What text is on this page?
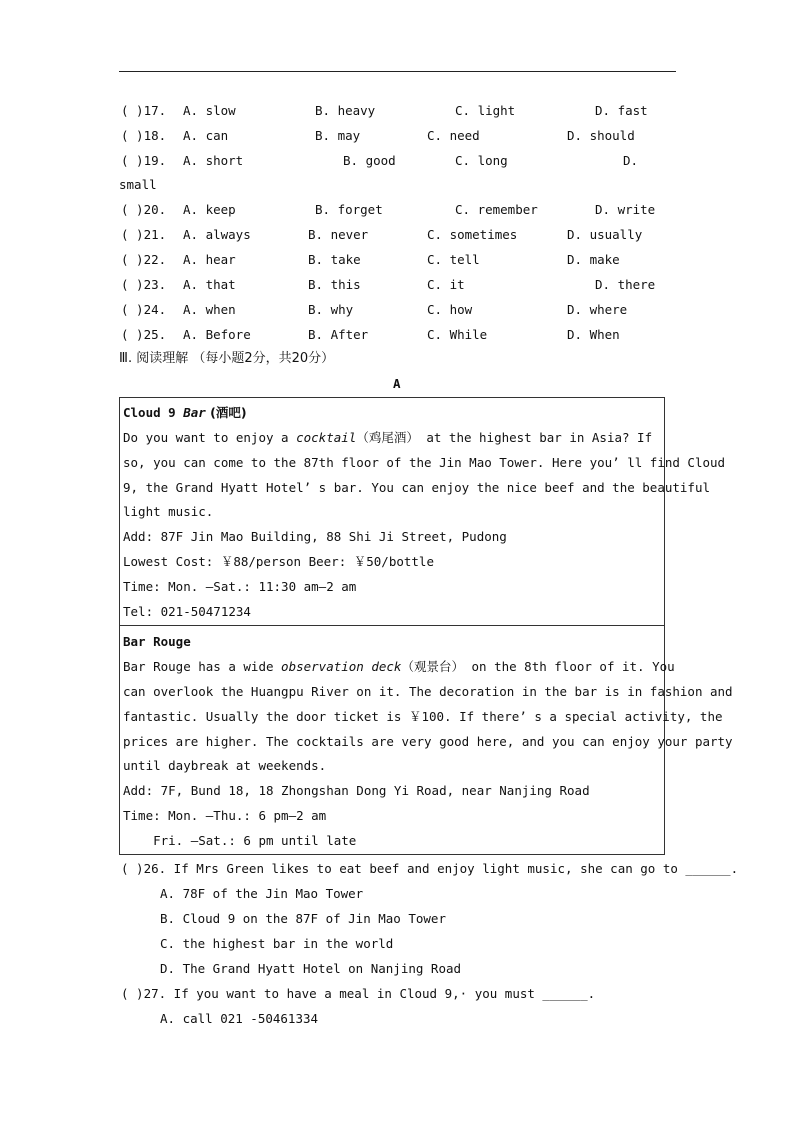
( )17. A. slow	B. heavy	C. light	D. fast
( )18. A. can	B. may	C. need	D. should
( )19. A. short	B. good	C. long	D.
small
( )20. A. keep	B. forget	C. remember	D. write
( )21. A. always	B. never	C. sometimes	D. usually
( )22. A. hear	B. take	C. tell	D. make
( )23. A. that	B. this	C. it	D. there
( )24. A. when	B. why	C. how	D. where
( )25. A. Before	B. After	C. While	D. When
Ⅲ. 阅读理解 （每小题2分，共20分）
A
Cloud 9 Bar (酒吧)
Do you want to enjoy a cocktail（鸡尾酒） at the highest bar in Asia? If
so, you can come to the 87th floor of the Jin Mao Tower. Here you’ ll find Cloud
9, the Grand Hyatt Hotel’ s bar. You can enjoy the nice beef and the beautiful
light music.
Add: 87F Jin Mao Building, 88 Shi Ji Street, Pudong
Lowest Cost: ￥88/person Beer: ￥50/bottle
Time: Mon. —Sat.: 11:30 am—2 am
Tel: 021-50471234
Bar Rouge
Bar Rouge has a wide observation deck（观景台） on the 8th floor of it. You
can overlook the Huangpu River on it. The decoration in the bar is in fashion and
fantastic. Usually the door ticket is ￥100. If there’ s a special activity, the
prices are higher. The cocktails are very good here, and you can enjoy your party
until daybreak at weekends.
Add: 7F, Bund 18, 18 Zhongshan Dong Yi Road, near Nanjing Road
Time: Mon. —Thu.: 6 pm—2 am
Fri. —Sat.: 6 pm until late
( )26. If Mrs Green likes to eat beef and enjoy light music, she can go to ______.
A. 78F of the Jin Mao Tower
B. Cloud 9 on the 87F of Jin Mao Tower
C. the highest bar in the world
D. The Grand Hyatt Hotel on Nanjing Road
( )27. If you want to have a meal in Cloud 9,· you must ______.
A. call 021 -50461334
